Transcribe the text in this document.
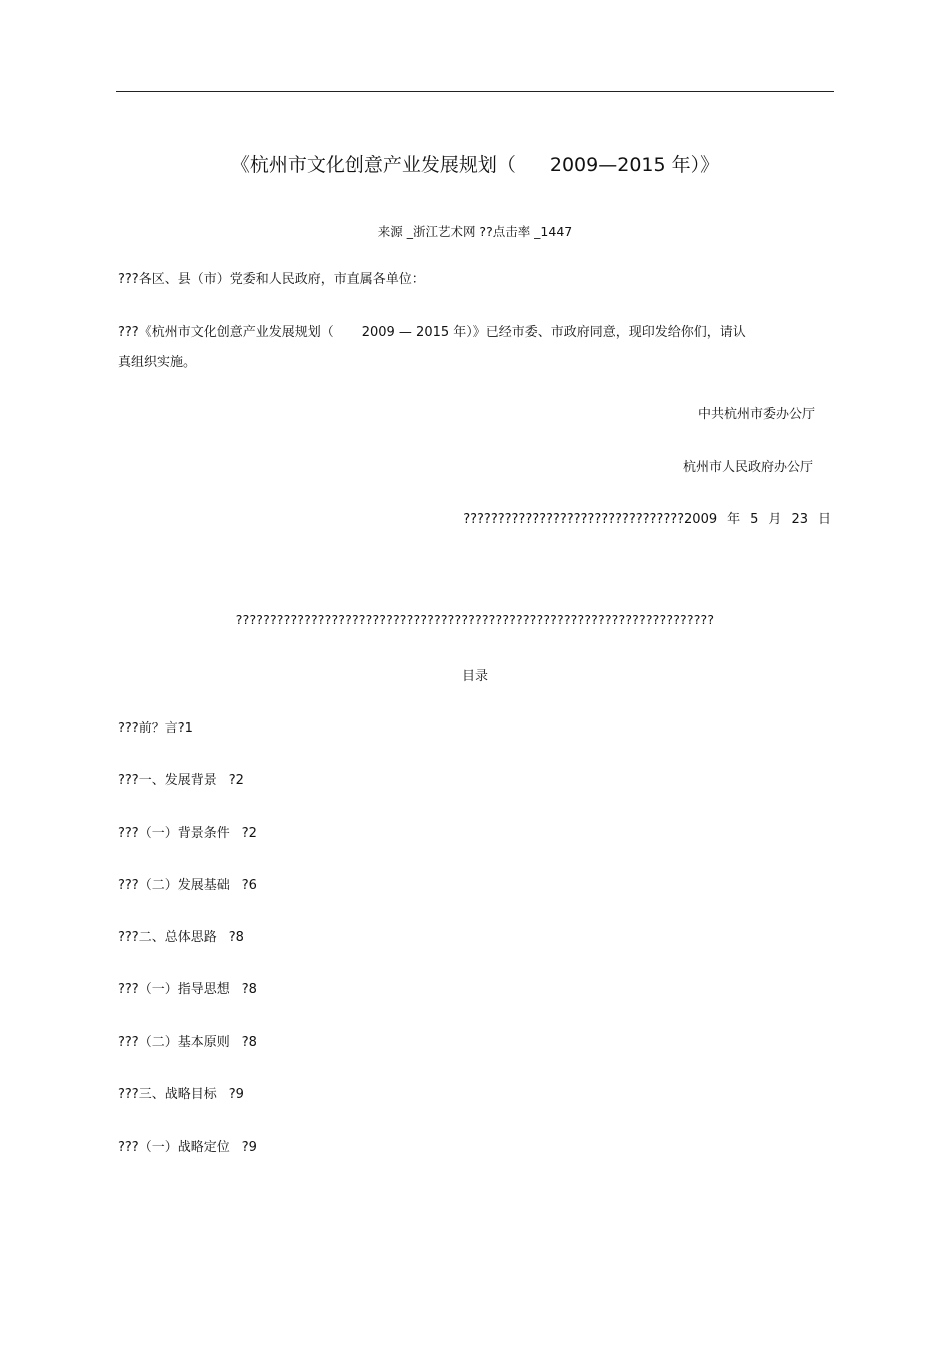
《杭州市文化创意产业发展规划（ 2009—2015 年）》
来源 _浙江艺术网 ??点击率 _1447
???各区、县（市）党委和人民政府，市直属各单位：
???《杭州市文化创意产业发展规划（ 2009 — 2015 年）》已经市委、市政府同意，现印发给你们，请认
真组织实施。
中共杭州市委办公厅
杭州市人民政府办公厅
????????????????????????????????2009 年 5 月 23 日
??????????????????????????????????????????????????????????????????????
目录
???前？言?1
???一、发展背景 ?2
???（一）背景条件 ?2
???（二）发展基础 ?6
???二、总体思路 ?8
???（一）指导思想 ?8
???（二）基本原则 ?8
???三、战略目标 ?9
???（一）战略定位 ?9
